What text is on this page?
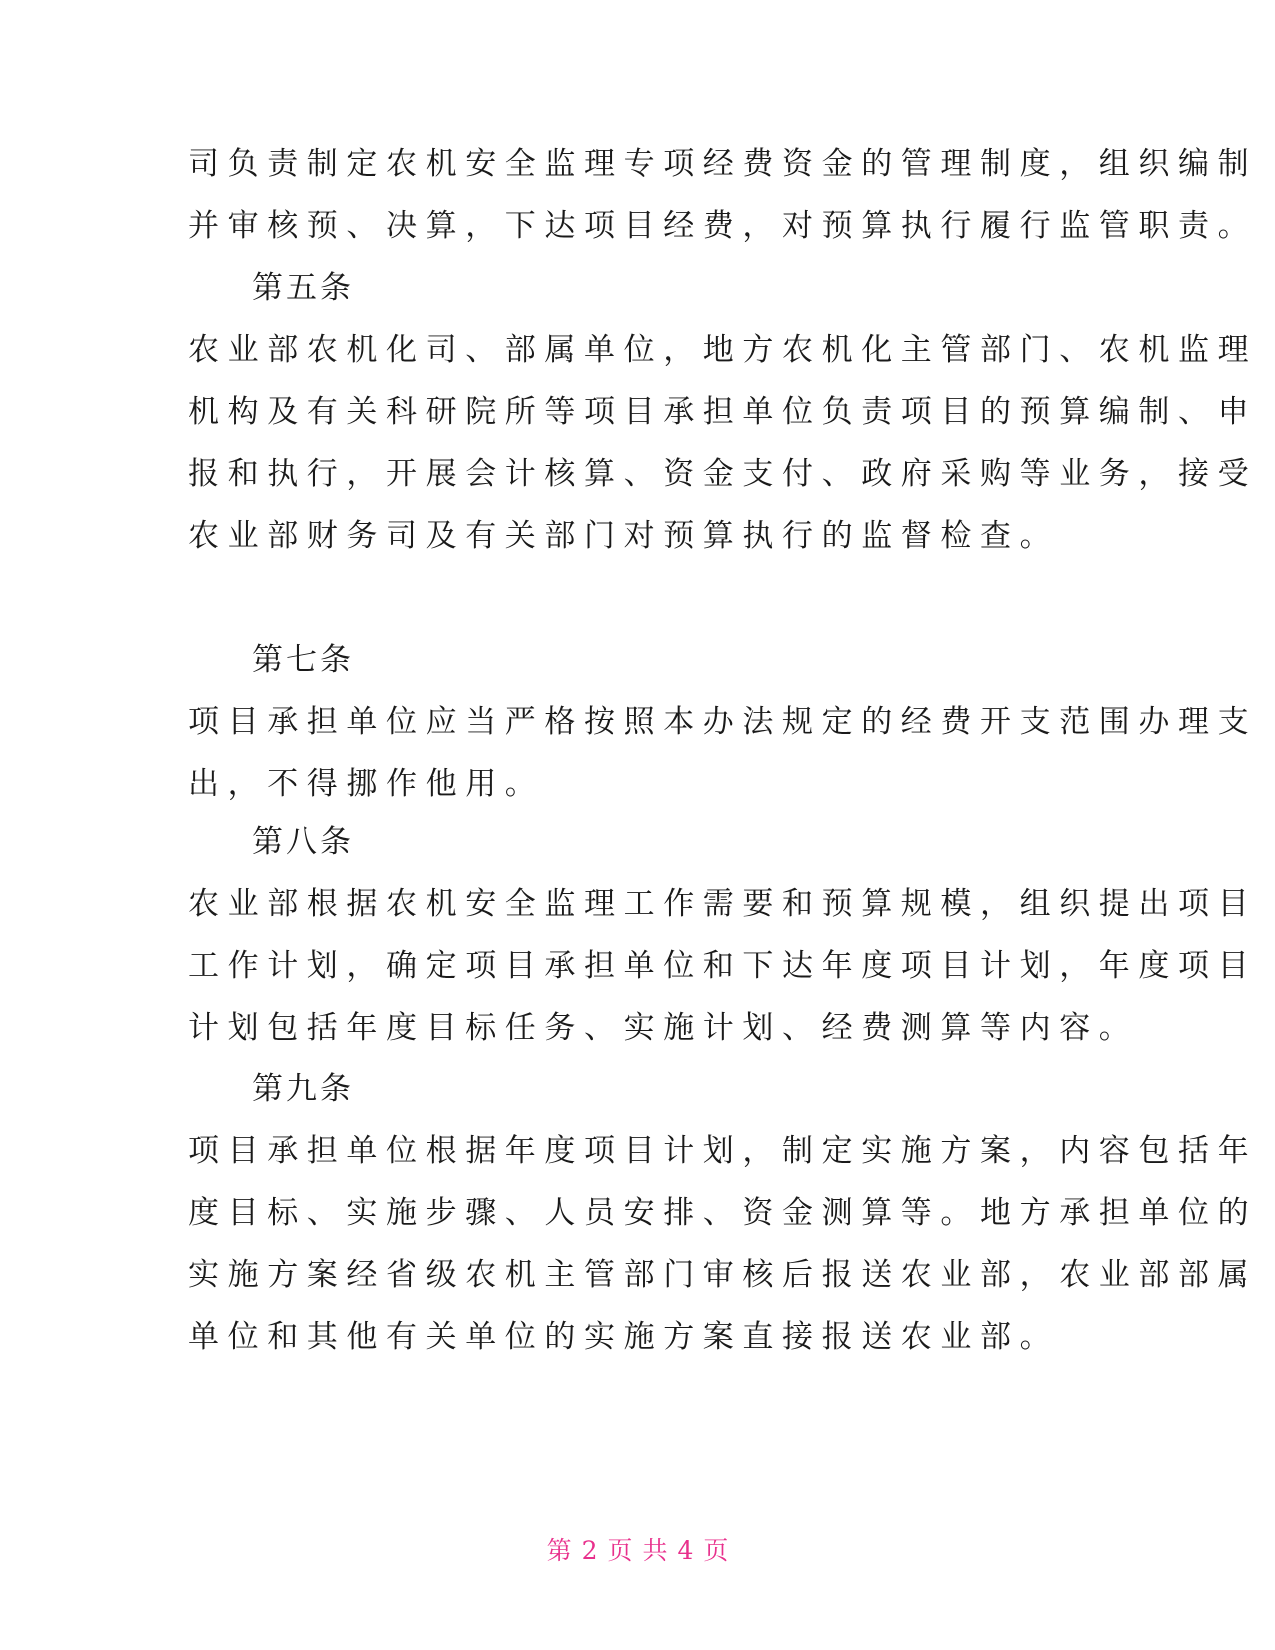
司负责制定农机安全监理专项经费资金的管理制度，组织编制
并审核预、决算，下达项目经费，对预算执行履行监管职责。
第五条
农业部农机化司、部属单位，地方农机化主管部门、农机监理
机构及有关科研院所等项目承担单位负责项目的预算编制、申
报和执行，开展会计核算、资金支付、政府采购等业务，接受
农业部财务司及有关部门对预算执行的监督检查。
第七条
项目承担单位应当严格按照本办法规定的经费开支范围办理支
出，不得挪作他用。
第八条
农业部根据农机安全监理工作需要和预算规模，组织提出项目
工作计划，确定项目承担单位和下达年度项目计划，年度项目
计划包括年度目标任务、实施计划、经费测算等内容。
第九条
项目承担单位根据年度项目计划，制定实施方案，内容包括年
度目标、实施步骤、人员安排、资金测算等。地方承担单位的
实施方案经省级农机主管部门审核后报送农业部，农业部部属
单位和其他有关单位的实施方案直接报送农业部。
第 2 页 共 4 页
